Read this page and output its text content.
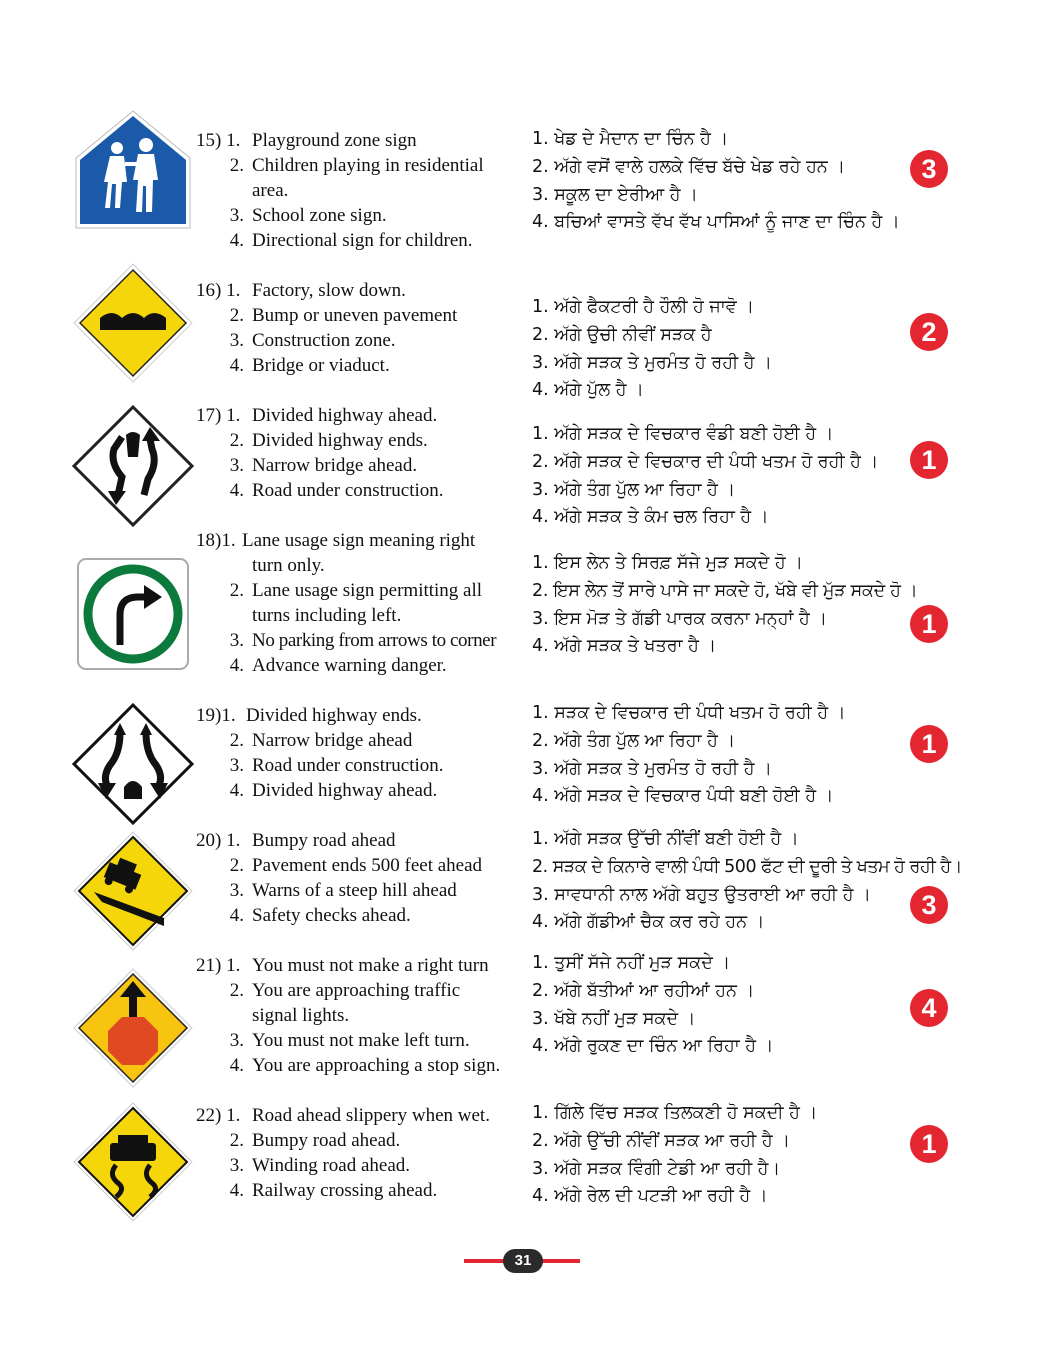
15) 1. Playground zone sign
2. Children playing in residential
area.
3. School zone sign.
4. Directional sign for children.
1. ਖੇਡ ਦੇ ਮੈਦਾਨ ਦਾ ਚਿੰਨ ਹੈ ।
2. ਅੱਗੇ ਵਸੋਂ ਵਾਲੇ ਹਲਕੇ ਵਿੱਚ ਬੱਚੇ ਖੇਡ ਰਹੇ ਹਨ ।
3. ਸਕੂਲ ਦਾ ਏਰੀਆ ਹੈ ।
4. ਬਚਿਆਂ ਵਾਸਤੇ ਵੱਖ ਵੱਖ ਪਾਸਿਆਂ ਨੂੰ ਜਾਣ ਦਾ ਚਿੰਨ ਹੈ ।
3
16) 1. Factory, slow down.
2. Bump or uneven pavement
3. Construction zone.
4. Bridge or viaduct.
1. ਅੱਗੇ ਫੈਕਟਰੀ ਹੈ ਹੌਲੀ ਹੋ ਜਾਵੋ ।
2. ਅੱਗੇ ਉਚੀ ਨੀਵੀਂ ਸੜਕ ਹੈ
3. ਅੱਗੇ ਸੜਕ ਤੇ ਮੁਰਮੰਤ ਹੋ ਰਹੀ ਹੈ ।
4. ਅੱਗੇ ਪੁੱਲ ਹੈ ।
2
17) 1. Divided highway ahead.
2. Divided highway ends.
3. Narrow bridge ahead.
4. Road under construction.
1. ਅੱਗੇ ਸੜਕ ਦੇ ਵਿਚਕਾਰ ਵੰਡੀ ਬਣੀ ਹੋਈ ਹੈ ।
2. ਅੱਗੇ ਸੜਕ ਦੇ ਵਿਚਕਾਰ ਦੀ ਪੰਧੀ ਖਤਮ ਹੋ ਰਹੀ ਹੈ ।
3. ਅੱਗੇ ਤੰਗ ਪੁੱਲ ਆ ਰਿਹਾ ਹੈ ।
4. ਅੱਗੇ ਸੜਕ ਤੇ ਕੰਮ ਚਲ ਰਿਹਾ ਹੈ ।
1
18)1. Lane usage sign meaning right
turn only.
2. Lane usage sign permitting all
turns including left.
3. No parking from arrows to corner
4. Advance warning danger.
1. ਇਸ ਲੇਨ ਤੇ ਸਿਰਫ਼ ਸੱਜੇ ਮੁੜ ਸਕਦੇ ਹੋ ।
2. ਇਸ ਲੇਨ ਤੋਂ ਸਾਰੇ ਪਾਸੇ ਜਾ ਸਕਦੇ ਹੋ, ਖੱਬੇ ਵੀ ਮੁੱੜ ਸਕਦੇ ਹੋ ।
3. ਇਸ ਮੋੜ ਤੇ ਗੱਡੀ ਪਾਰਕ ਕਰਨਾ ਮਨ੍ਹਾਂ ਹੈ ।
4. ਅੱਗੇ ਸੜਕ ਤੇ ਖਤਰਾ ਹੈ ।
1
19)1. Divided highway ends.
2. Narrow bridge ahead
3. Road under construction.
4. Divided highway ahead.
1. ਸੜਕ ਦੇ ਵਿਚਕਾਰ ਦੀ ਪੰਧੀ ਖਤਮ ਹੋ ਰਹੀ ਹੈ ।
2. ਅੱਗੇ ਤੰਗ ਪੁੱਲ ਆ ਰਿਹਾ ਹੈ ।
3. ਅੱਗੇ ਸੜਕ ਤੇ ਮੁਰਮੰਤ ਹੋ ਰਹੀ ਹੈ ।
4. ਅੱਗੇ ਸੜਕ ਦੇ ਵਿਚਕਾਰ ਪੰਧੀ ਬਣੀ ਹੋਈ ਹੈ ।
1
20) 1. Bumpy road ahead
2. Pavement ends 500 feet ahead
3. Warns of a steep hill ahead
4. Safety checks ahead.
1. ਅੱਗੇ ਸੜਕ ਉੱਚੀ ਨੀਂਵੀਂ ਬਣੀ ਹੋਈ ਹੈ ।
2. ਸੜਕ ਦੇ ਕਿਨਾਰੇ ਵਾਲੀ ਪੰਧੀ 500 ਫੱਟ ਦੀ ਦੂਰੀ ਤੇ ਖਤਮ ਹੋ ਰਹੀ ਹੈ।
3. ਸਾਵਧਾਨੀ ਨਾਲ ਅੱਗੇ ਬਹੁਤ ਉਤਰਾਈ ਆ ਰਹੀ ਹੈ ।
4. ਅੱਗੇ ਗੱਡੀਆਂ ਚੈਕ ਕਰ ਰਹੇ ਹਨ ।
3
21) 1. You must not make a right turn
2. You are approaching traffic
signal lights.
3. You must not make left turn.
4. You are approaching a stop sign.
1. ਤੁਸੀਂ ਸੱਜੇ ਨਹੀਂ ਮੁੜ ਸਕਦੇ ।
2. ਅੱਗੇ ਬੱਤੀਆਂ ਆ ਰਹੀਆਂ ਹਨ ।
3. ਖੱਬੇ ਨਹੀਂ ਮੁੜ ਸਕਦੇ ।
4. ਅੱਗੇ ਰੁਕਣ ਦਾ ਚਿੰਨ ਆ ਰਿਹਾ ਹੈ ।
4
22) 1. Road ahead slippery when wet.
2. Bumpy road ahead.
3. Winding road ahead.
4. Railway crossing ahead.
1. ਗਿੱਲੇ ਵਿੱਚ ਸੜਕ ਤਿਲਕਣੀ ਹੋ ਸਕਦੀ ਹੈ ।
2. ਅੱਗੇ ਉੱਚੀ ਨੀਂਵੀਂ ਸੜਕ ਆ ਰਹੀ ਹੈ ।
3. ਅੱਗੇ ਸੜਕ ਵਿੰਗੀ ਟੇਡੀ ਆ ਰਹੀ ਹੈ।
4. ਅੱਗੇ ਰੇਲ ਦੀ ਪਟੜੀ ਆ ਰਹੀ ਹੈ ।
1
31
